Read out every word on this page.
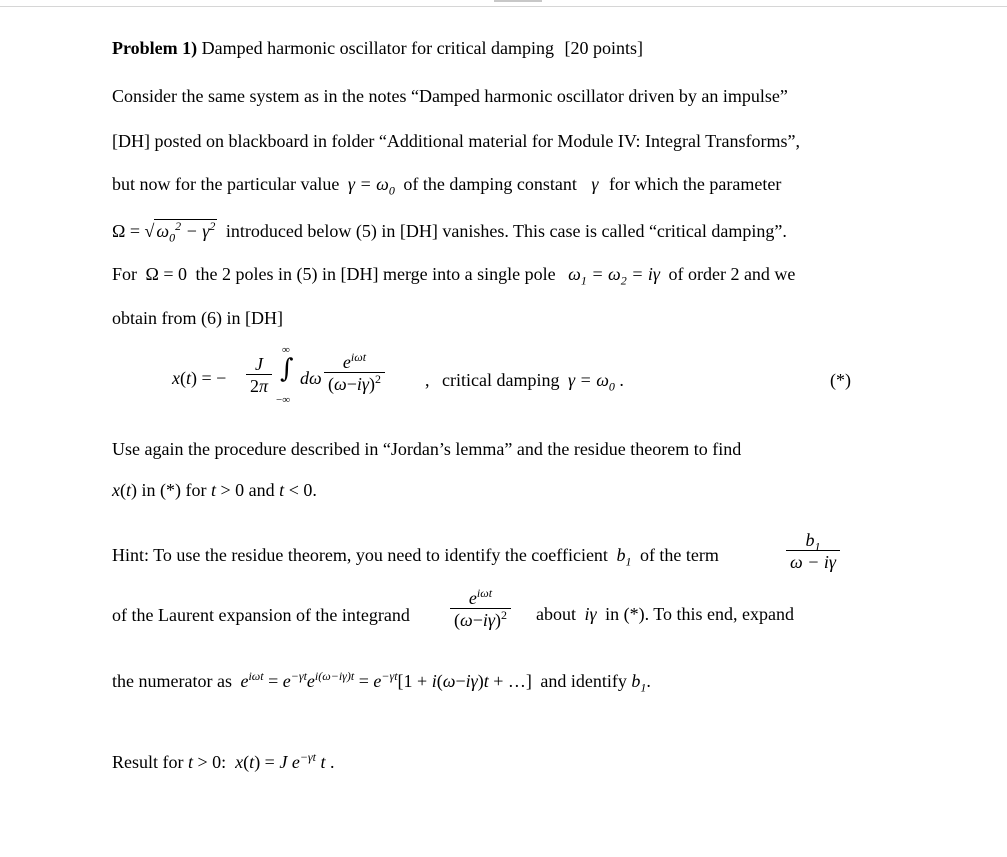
Problem 1) Damped harmonic oscillator for critical damping [20 points]
Consider the same system as in the notes “Damped harmonic oscillator driven by an impulse”
[DH] posted on blackboard in folder “Additional material for Module IV: Integral Transforms”,
but now for the particular value $\gamma = \omega_0$ of the damping constant γ for which the parameter
Ω = √ $\omega_0^2 - \gamma^2$ introduced below (5) in [DH] vanishes. This case is called “critical damping”.
For Ω = 0 the 2 poles in (5) in [DH] merge into a single pole $\omega_1 = \omega_2 = i\gamma$ of order 2 and we
obtain from (6) in [DH]
x(t) = − $\frac{J}{2\pi}$
∞
∫
−∞
dω
$e^{i\omega t}$
$(\omega-i\gamma)^2$ , critical damping $\gamma = \omega_0$ .	(*)
Use again the procedure described in “Jordan’s lemma” and the residue theorem to find
x(t) in (*) for t > 0 and t < 0.
Hint: To use the residue theorem, you need to identify the coefficient $b_1$ of the term	$\frac{b_1}{\omega - i\gamma}$
of the Laurent expansion of the integrand $\frac{e^{i\omega t}}{(\omega-i\gamma)^2}$ about iγ in (*). To this end, expand
the numerator as $e^{i\omega t} = e^{-\gamma t}e^{i(\omega-i\gamma)t} = e^{-\gamma t}[1 + i(\omega-i\gamma)t$ + …] and identify $b_1$.
Result for t > 0:  x(t) = J $e^{-\gamma t}$ t .
